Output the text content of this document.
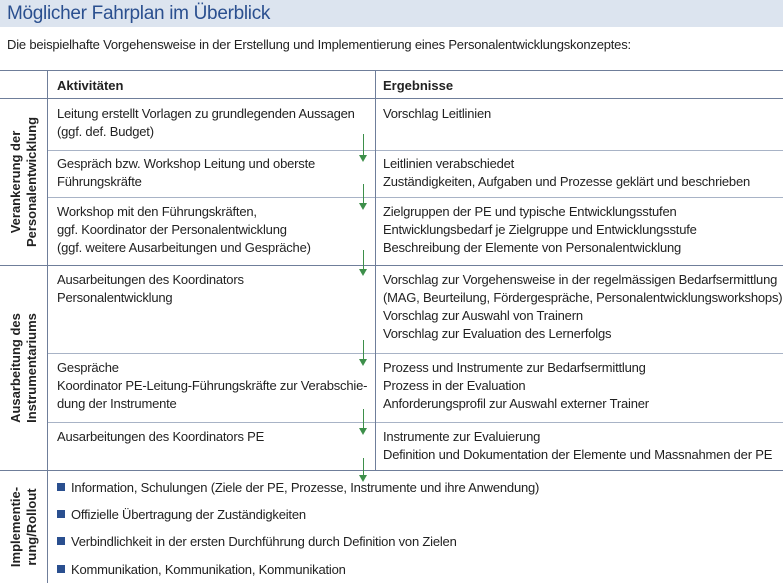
Möglicher Fahrplan im Überblick
Die beispielhafte Vorgehensweise in der Erstellung und Implementierung eines Personalentwicklungskonzeptes:
Aktivitäten	Ergebnisse
Verankerung der Personalentwicklung
Ausarbeitung des Instrumentariums
Implementie- rung/Rollout
Leitung erstellt Vorlagen zu grundlegenden Aussagen
(ggf. def. Budget)
Vorschlag Leitlinien
Gespräch bzw. Workshop Leitung und oberste
Führungskräfte
Leitlinien verabschiedet
Zuständigkeiten, Aufgaben und Prozesse geklärt und beschrieben
Workshop mit den Führungskräften,
ggf. Koordinator der Personalentwicklung
(ggf. weitere Ausarbeitungen und Gespräche)
Zielgruppen der PE und typische Entwicklungsstufen
Entwicklungsbedarf je Zielgruppe und Entwicklungsstufe
Beschreibung der Elemente von Personalentwicklung
Ausarbeitungen des Koordinators
Personalentwicklung
Vorschlag zur Vorgehensweise in der regelmässigen Bedarfsermittlung
(MAG, Beurteilung, Fördergespräche, Personalentwicklungsworkshops)
Vorschlag zur Auswahl von Trainern
Vorschlag zur Evaluation des Lernerfolgs
Gespräche
Koordinator PE-Leitung-Führungskräfte zur Verabschie-
dung der Instrumente
Prozess und Instrumente zur Bedarfsermittlung
Prozess in der Evaluation
Anforderungsprofil zur Auswahl externer Trainer
Ausarbeitungen des Koordinators PE	Instrumente zur Evaluierung
Definition und Dokumentation der Elemente und Massnahmen der PE
Information, Schulungen (Ziele der PE, Prozesse, Instrumente und ihre Anwendung)
Offizielle Übertragung der Zuständigkeiten
Verbindlichkeit in der ersten Durchführung durch Definition von Zielen
Kommunikation, Kommunikation, Kommunikation
